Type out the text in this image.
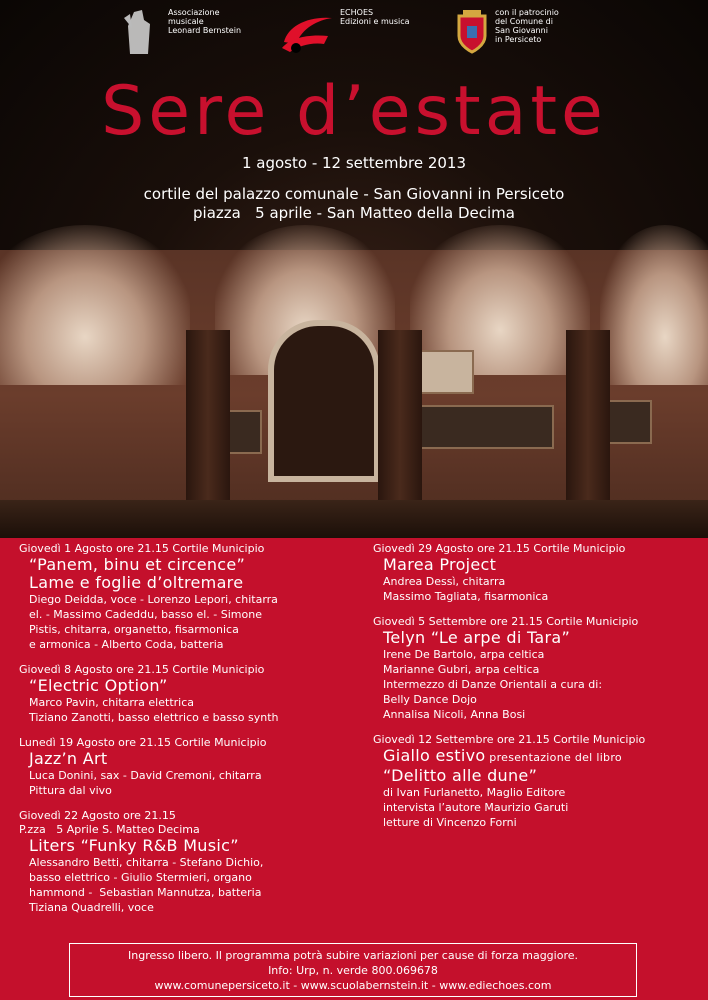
Associazione
musicale
Leonard Bernstein
ECHOES
Edizioni e musica
con il patrocinio
del Comune di
San Giovanni
in Persiceto
Sere d’estate
1 agosto - 12 settembre 2013
cortile del palazzo comunale - San Giovanni in Persiceto
piazza   5 aprile - San Matteo della Decima
Giovedì 1 Agosto ore 21.15 Cortile Municipio
“Panem, binu et circence”
Lame e foglie d’oltremare
Diego Deidda, voce - Lorenzo Lepori, chitarra
el. - Massimo Cadeddu, basso el. - Simone
Pistis, chitarra, organetto, fisarmonica
e armonica - Alberto Coda, batteria
Giovedì 8 Agosto ore 21.15 Cortile Municipio
“Electric Option”
Marco Pavin, chitarra elettrica
Tiziano Zanotti, basso elettrico e basso synth
Lunedì 19 Agosto ore 21.15 Cortile Municipio
Jazz’n Art
Luca Donini, sax - David Cremoni, chitarra
Pittura dal vivo
Giovedì 22 Agosto ore 21.15
P.zza   5 Aprile S. Matteo Decima
Liters “Funky R&B Music”
Alessandro Betti, chitarra - Stefano Dichio,
basso elettrico - Giulio Stermieri, organo
hammond -  Sebastian Mannutza, batteria
Tiziana Quadrelli, voce
Giovedì 29 Agosto ore 21.15 Cortile Municipio
Marea Project
Andrea Dessì, chitarra
Massimo Tagliata, fisarmonica
Giovedì 5 Settembre ore 21.15 Cortile Municipio
Telyn “Le arpe di Tara”
Irene De Bartolo, arpa celtica
Marianne Gubri, arpa celtica
Intermezzo di Danze Orientali a cura di:
Belly Dance Dojo
Annalisa Nicoli, Anna Bosi
Giovedì 12 Settembre ore 21.15 Cortile Municipio
Giallo estivo presentazione del libro
“Delitto alle dune”
di Ivan Furlanetto, Maglio Editore
intervista l’autore Maurizio Garuti
letture di Vincenzo Forni
Ingresso libero. Il programma potrà subire variazioni per cause di forza maggiore.
Info: Urp, n. verde 800.069678
www.comunepersiceto.it - www.scuolabernstein.it - www.ediechoes.com
